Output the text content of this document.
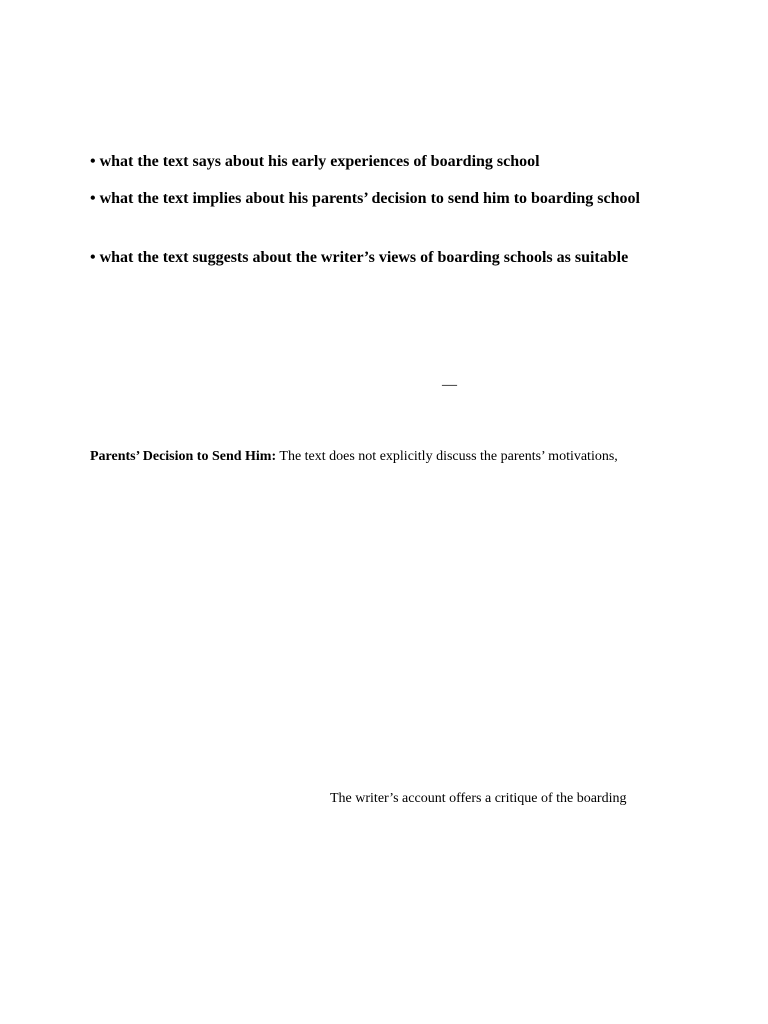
• what the text says about his early experiences of boarding school
• what the text implies about his parents’ decision to send him to boarding school
• what the text suggests about the writer’s views of boarding schools as suitable
—
Parents’ Decision to Send Him: The text does not explicitly discuss the parents’ motivations,
The writer’s account offers a critique of the boarding
